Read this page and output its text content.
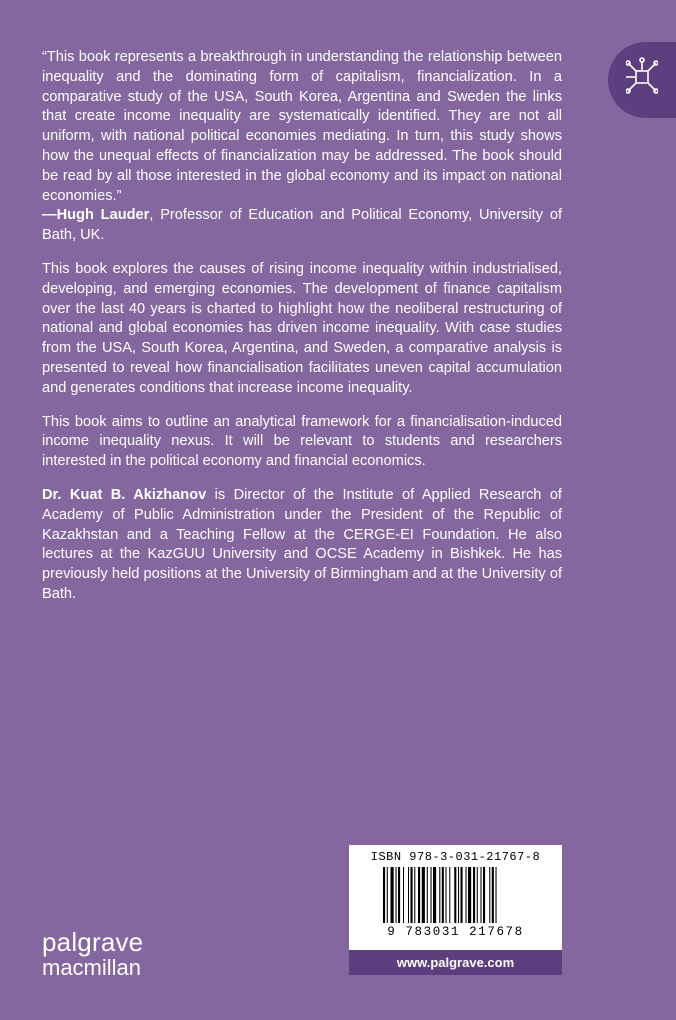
“This book represents a breakthrough in understanding the relationship between inequality and the dominating form of capitalism, financialization. In a comparative study of the USA, South Korea, Argentina and Sweden the links that create income inequality are systematically identified. They are not all uniform, with national political economies mediating. In turn, this study shows how the unequal effects of financialization may be addressed. The book should be read by all those interested in the global economy and its impact on national economies.”
—Hugh Lauder, Professor of Education and Political Economy, University of Bath, UK.

This book explores the causes of rising income inequality within industrialised, developing, and emerging economies. The development of finance capitalism over the last 40 years is charted to highlight how the neoliberal restructuring of national and global economies has driven income inequality. With case studies from the USA, South Korea, Argentina, and Sweden, a comparative analysis is presented to reveal how financialisation facilitates uneven capital accumulation and generates conditions that increase income inequality.

This book aims to outline an analytical framework for a financialisation-induced income inequality nexus. It will be relevant to students and researchers interested in the political economy and financial economics.

Dr. Kuat B. Akizhanov is Director of the Institute of Applied Research of Academy of Public Administration under the President of the Republic of Kazakhstan and a Teaching Fellow at the CERGE-EI Foundation. He also lectures at the KazGUU University and OCSE Academy in Bishkek. He has previously held positions at the University of Birmingham and at the University of Bath.

palgrave
macmillan
ISBN 978-3-031-21767-8
9 783031 217678
www.palgrave.com
